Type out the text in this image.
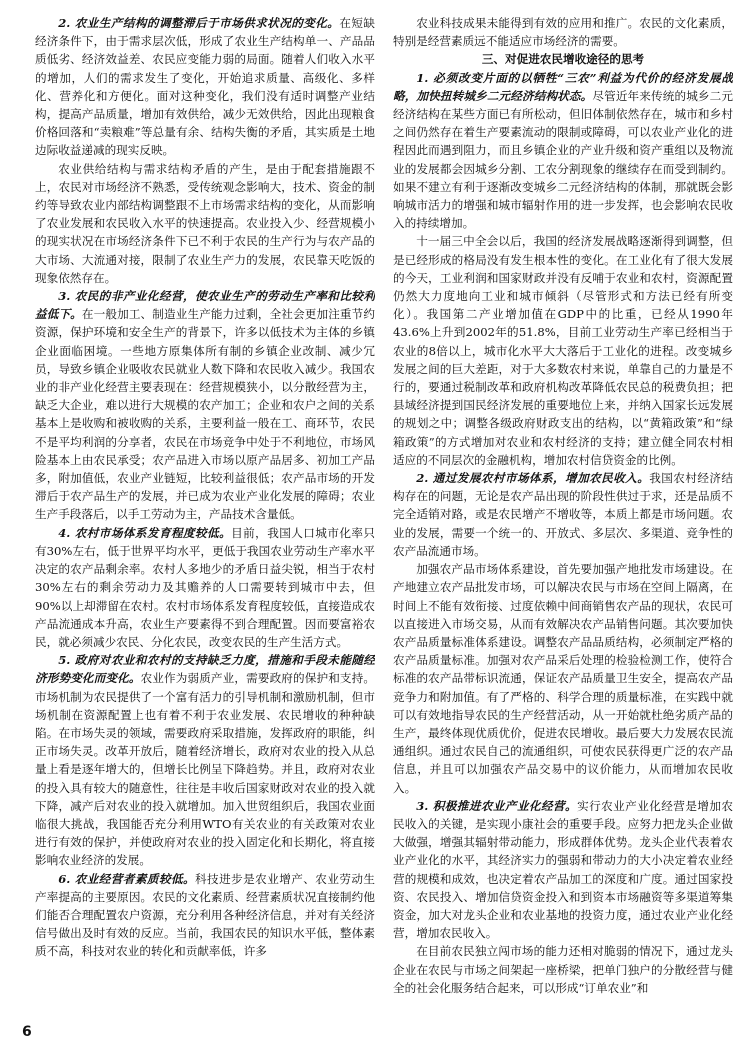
2. 农业生产结构的调整滞后于市场供求状况的变化。在短缺经济条件下，由于需求层次低，形成了农业生产结构单一、产品品质低劣、经济效益差、农民应变能力弱的局面。随着人们收入水平的增加，人们的需求发生了变化，开始追求质量、高级化、多样化、营养化和方便化。面对这种变化，我们没有适时调整产业结构，提高产品质量，增加有效供给，减少无效供给，因此出现粮食价格回落和“卖粮难”等总量有余、结构失衡的矛盾，其实质是土地边际收益递减的现实反映。

农业供给结构与需求结构矛盾的产生，是由于配套措施跟不上，农民对市场经济不熟悉，受传统观念影响大，技术、资金的制约等导致农业内部结构调整跟不上市场需求结构的变化，从而影响了农业发展和农民收入水平的快速提高。农业投入少、经营规模小的现实状况在市场经济条件下已不利于农民的生产行为与农产品的大市场、大流通对接，限制了农业生产力的发展，农民靠天吃饭的现象依然存在。

3. 农民的非产业化经营，使农业生产的劳动生产率和比较利益低下。在一般加工、制造业生产能力过剩，全社会更加注重节约资源，保护环境和安全生产的背景下，许多以低技术为主体的乡镇企业面临困境。一些地方原集体所有制的乡镇企业改制、减少冗员，导致乡镇企业吸收农民就业人数下降和农民收入减少。我国农业的非产业化经营主要表现在：经营规模狭小，以分散经营为主，缺乏大企业，难以进行大规模的农产加工；企业和农户之间的关系基本上是收购和被收购的关系，主要利益一般在工、商环节，农民不是平均利润的分享者，农民在市场竞争中处于不利地位，市场风险基本上由农民承受；农产品进入市场以原产品居多、初加工产品多，附加值低，农业产业链短，比较利益很低；农产品市场的开发滞后于农产品生产的发展，并已成为农业产业化发展的障碍；农业生产手段落后，以手工劳动为主，产品技术含量低。

4. 农村市场体系发育程度较低。目前，我国人口城市化率只有30%左右，低于世界平均水平，更低于我国农业劳动生产率水平决定的农产品剩余率。农村人多地少的矛盾日益尖锐，相当于农村30%左右的剩余劳动力及其赡养的人口需要转到城市中去，但90%以上却滞留在农村。农村市场体系发育程度较低，直接造成农产品流通成本升高，农业生产要素得不到合理配置。因而要富裕农民，就必须减少农民、分化农民，改变农民的生产生活方式。

5. 政府对农业和农村的支持缺乏力度，措施和手段未能随经济形势变化而变化。农业作为弱质产业，需要政府的保护和支持。市场机制为农民提供了一个富有活力的引导机制和激励机制，但市场机制在资源配置上也有着不利于农业发展、农民增收的种种缺陷。在市场失灵的领域，需要政府采取措施，发挥政府的职能，纠正市场失灵。改革开放后，随着经济增长，政府对农业的投入从总量上看是逐年增大的，但增长比例呈下降趋势。并且，政府对农业的投入具有较大的随意性，往往是丰收后国家财政对农业的投入就下降，减产后对农业的投入就增加。加入世贸组织后，我国农业面临很大挑战，我国能否充分利用WTO有关农业的有关政策对农业进行有效的保护，并使政府对农业的投入固定化和长期化，将直接影响农业经济的发展。

6. 农业经营者素质较低。科技进步是农业增产、农业劳动生产率提高的主要原因。农民的文化素质、经营素质状况直接制约他们能否合理配置农户资源，充分利用各种经济信息，并对有关经济信号做出及时有效的反应。当前，我国农民的知识水平低，整体素质不高，科技对农业的转化和贡献率低，许多

农业科技成果未能得到有效的应用和推广。农民的文化素质，特别是经营素质远不能适应市场经济的需要。

三、对促进农民增收途径的思考

1. 必须改变片面的以牺牲“三农”利益为代价的经济发展战略，加快扭转城乡二元经济结构状态。尽管近年来传统的城乡二元经济结构在某些方面已有所松动，但旧体制依然存在，城市和乡村之间仍然存在着生产要素流动的限制或障碍，可以农业产业化的进程因此而遇到阻力，而且乡镇企业的产业升级和资产重组以及物流业的发展都会因城乡分割、工农分割现象的继续存在而受到制约。如果不建立有利于逐渐改变城乡二元经济结构的体制，那就既会影响城市活力的增强和城市辐射作用的进一步发挥，也会影响农民收入的持续增加。

十一届三中全会以后，我国的经济发展战略逐渐得到调整，但是已经形成的格局没有发生根本性的变化。在工业化有了很大发展的今天，工业利润和国家财政并没有反哺于农业和农村，资源配置仍然大力度地向工业和城市倾斜（尽管形式和方法已经有所变化）。我国第二产业增加值在GDP中的比重，已经从1990年43.6%上升到2002年的51.8%，目前工业劳动生产率已经相当于农业的8倍以上，城市化水平大大落后于工业化的进程。改变城乡发展之间的巨大差距，对于大多数农村来说，单靠自己的力量是不行的，要通过税制改革和政府机构改革降低农民总的税费负担；把县域经济提到国民经济发展的重要地位上来，并纳入国家长远发展的规划之中；调整各级政府财政支出的结构，以“黄箱政策”和“绿箱政策”的方式增加对农业和农村经济的支持；建立健全同农村相适应的不同层次的金融机构，增加农村信贷资金的比例。

2. 通过发展农村市场体系，增加农民收入。我国农村经济结构存在的问题，无论是农产品出现的阶段性供过于求，还是品质不完全适销对路，或是农民增产不增收等，本质上都是市场问题。农业的发展，需要一个统一的、开放式、多层次、多渠道、竞争性的农产品流通市场。

加强农产品市场体系建设，首先要加强产地批发市场建设。在产地建立农产品批发市场，可以解决农民与市场在空间上隔离，在时间上不能有效衔接、过度依赖中间商销售农产品的现状，农民可以直接进入市场交易，从而有效解决农产品销售问题。其次要加快农产品质量标准体系建设。调整农产品品质结构，必须制定严格的农产品质量标准。加强对农产品采后处理的检验检测工作，使符合标准的农产品带标识流通，保证农产品质量卫生安全，提高农产品竞争力和附加值。有了严格的、科学合理的质量标准，在实践中就可以有效地指导农民的生产经营活动，从一开始就杜绝劣质产品的生产，最终体现优质优价，促进农民增收。最后要大力发展农民流通组织。通过农民自己的流通组织，可使农民获得更广泛的农产品信息，并且可以加强农产品交易中的议价能力，从而增加农民收入。

3. 积极推进农业产业化经营。实行农业产业化经营是增加农民收入的关键，是实现小康社会的重要手段。应努力把龙头企业做大做强，增强其辐射带动能力，形成群体优势。龙头企业代表着农业产业化的水平，其经济实力的强弱和带动力的大小决定着农业经营的规模和成效，也决定着农产品加工的深度和广度。通过国家投资、农民投入、增加信贷资金投入和到资本市场融资等多渠道筹集资金，加大对龙头企业和农业基地的投资力度，通过农业产业化经营，增加农民收入。

在目前农民独立闯市场的能力还相对脆弱的情况下，通过龙头企业在农民与市场之间架起一座桥梁，把单门独户的分散经营与健全的社会化服务结合起来，可以形成“订单农业”和

6
